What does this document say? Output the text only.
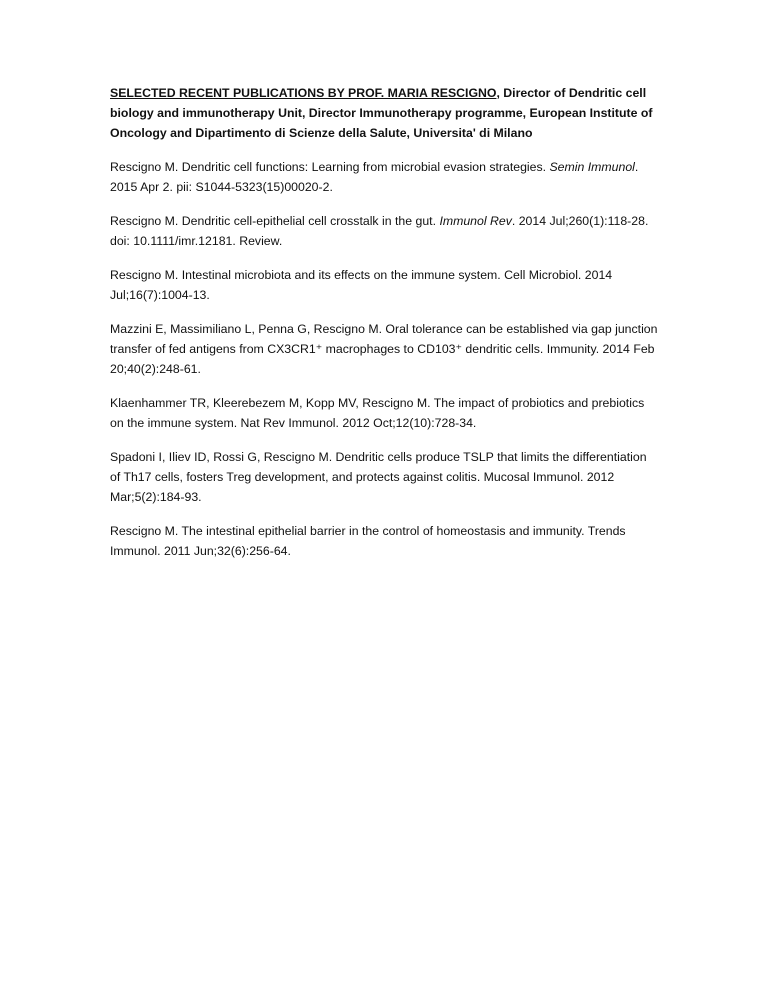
SELECTED RECENT PUBLICATIONS BY PROF. MARIA RESCIGNO, Director of Dendritic cell biology and immunotherapy Unit, Director Immunotherapy programme, European Institute of Oncology and Dipartimento di Scienze della Salute, Universita' di Milano

Rescigno M. Dendritic cell functions: Learning from microbial evasion strategies. Semin Immunol. 2015 Apr 2. pii: S1044-5323(15)00020-2.

Rescigno M. Dendritic cell-epithelial cell crosstalk in the gut. Immunol Rev. 2014 Jul;260(1):118-28. doi: 10.1111/imr.12181. Review.

Rescigno M. Intestinal microbiota and its effects on the immune system. Cell Microbiol. 2014 Jul;16(7):1004-13.

Mazzini E, Massimiliano L, Penna G, Rescigno M. Oral tolerance can be established via gap junction transfer of fed antigens from CX3CR1⁺ macrophages to CD103⁺ dendritic cells. Immunity. 2014 Feb 20;40(2):248-61.

Klaenhammer TR, Kleerebezem M, Kopp MV, Rescigno M. The impact of probiotics and prebiotics on the immune system. Nat Rev Immunol. 2012 Oct;12(10):728-34.

Spadoni I, Iliev ID, Rossi G, Rescigno M. Dendritic cells produce TSLP that limits the differentiation of Th17 cells, fosters Treg development, and protects against colitis. Mucosal Immunol. 2012 Mar;5(2):184-93.

Rescigno M. The intestinal epithelial barrier in the control of homeostasis and immunity. Trends Immunol. 2011 Jun;32(6):256-64.
